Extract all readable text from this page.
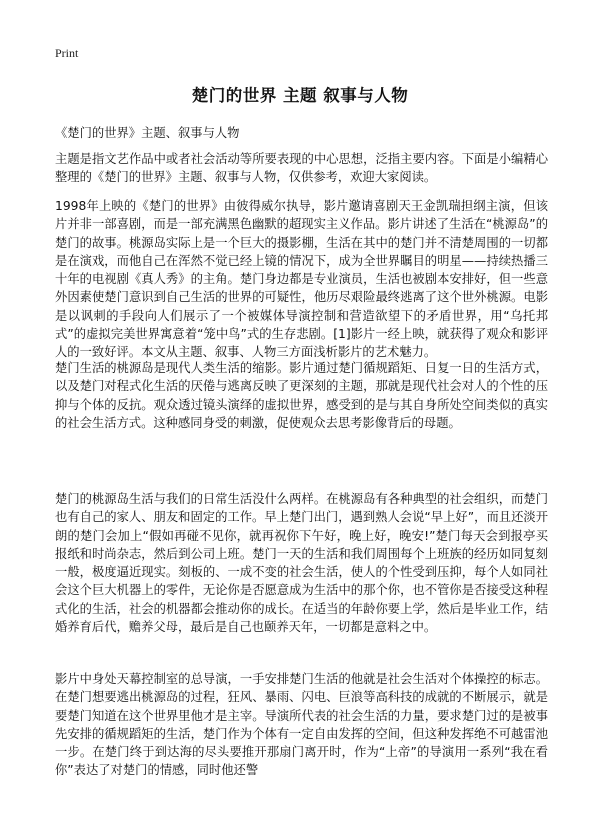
Print
楚门的世界 主题 叙事与人物

《楚门的世界》主题、叙事与人物

主题是指文艺作品中或者社会活动等所要表现的中心思想，泛指主要内容。下面是小编精心整理的《楚门的世界》主题、叙事与人物，仅供参考，欢迎大家阅读。

1998年上映的《楚门的世界》由彼得威尔执导，影片邀请喜剧天王金凯瑞担纲主演，但该片并非一部喜剧，而是一部充满黑色幽默的超现实主义作品。影片讲述了生活在“桃源岛”的楚门的故事。桃源岛实际上是一个巨大的摄影棚，生活在其中的楚门并不清楚周围的一切都是在演戏，而他自己在浑然不觉已经上镜的情况下，成为全世界瞩目的明星——持续热播三十年的电视剧《真人秀》的主角。楚门身边都是专业演员，生活也被剧本安排好，但一些意外因素使楚门意识到自己生活的世界的可疑性，他历尽艰险最终逃离了这个世外桃源。电影是以讽刺的手段向人们展示了一个被媒体导演控制和营造欲望下的矛盾世界，用“乌托邦式”的虚拟完美世界寓意着“笼中鸟”式的生存悲剧。[1]影片一经上映，就获得了观众和影评人的一致好评。本文从主题、叙事、人物三方面浅析影片的艺术魅力。

楚门生活的桃源岛是现代人类生活的缩影。影片通过楚门循规蹈矩、日复一日的生活方式，以及楚门对程式化生活的厌倦与逃离反映了更深刻的主题，那就是现代社会对人的个性的压抑与个体的反抗。观众透过镜头演绎的虚拟世界，感受到的是与其自身所处空间类似的真实的社会生活方式。这种感同身受的刺激，促使观众去思考影像背后的母题。

楚门的桃源岛生活与我们的日常生活没什么两样。在桃源岛有各种典型的社会组织，而楚门也有自己的家人、朋友和固定的工作。早上楚门出门，遇到熟人会说“早上好”，而且还淡开朗的楚门会加上“假如再碰不见你，就再祝你下午好，晚上好，晚安!”楚门每天会到报亭买报纸和时尚杂志，然后到公司上班。楚门一天的生活和我们周围每个上班族的经历如同复刻一般，极度逼近现实。刻板的、一成不变的社会生活，使人的个性受到压抑，每个人如同社会这个巨大机器上的零件，无论你是否愿意成为生活中的那个你，也不管你是否接受这种程式化的生活，社会的机器都会推动你的成长。在适当的年龄你要上学，然后是毕业工作，结婚养育后代，赡养父母，最后是自己也颐养天年，一切都是意料之中。

影片中身处天幕控制室的总导演，一手安排楚门生活的他就是社会生活对个体操控的标志。在楚门想要逃出桃源岛的过程，狂风、暴雨、闪电、巨浪等高科技的成就的不断展示，就是要楚门知道在这个世界里他才是主宰。导演所代表的社会生活的力量，要求楚门过的是被事先安排的循规蹈矩的生活，楚门作为个体有一定自由发挥的空间，但这种发挥绝不可越雷池一步。在楚门终于到达海的尽头要推开那扇门离开时，作为“上帝”的导演用一系列“我在看你”表达了对楚门的情感，同时他还警
